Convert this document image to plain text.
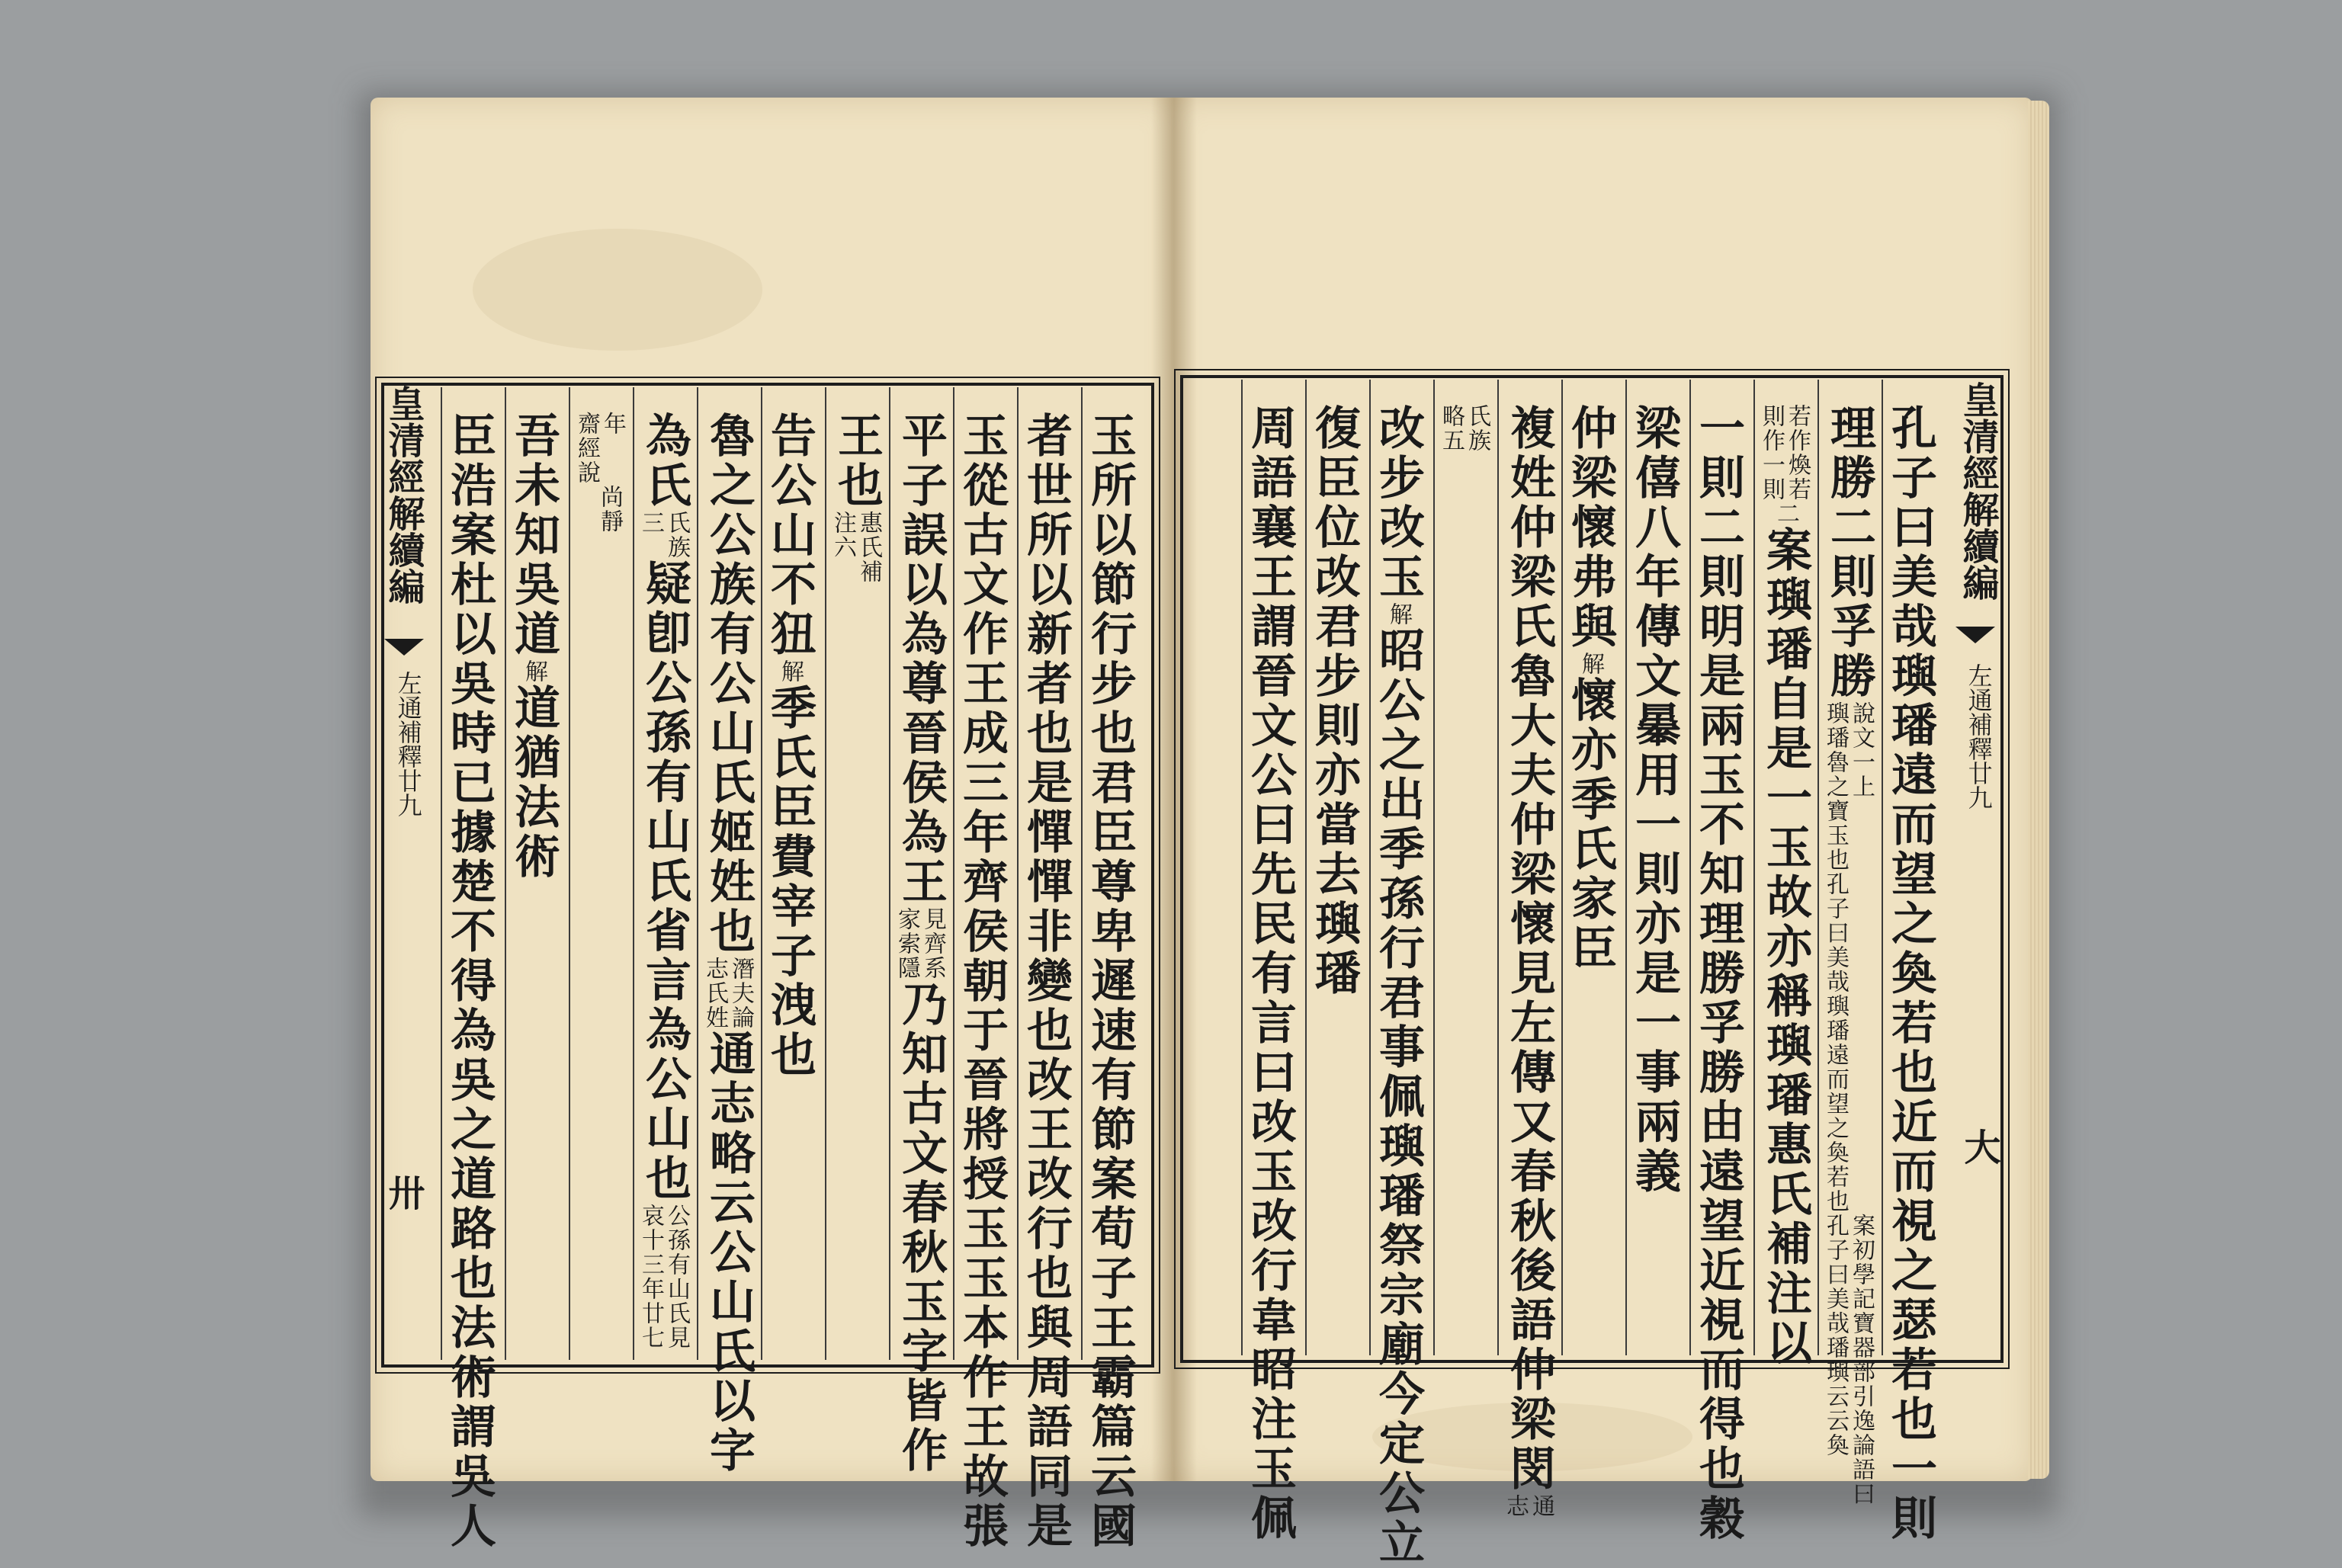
皇清經解續編
左通補釋廿九
卅
皇清經解續編
左通補釋廿九
大
玉所以節行步也君臣尊卑遲速有節案荀子王霸篇云國
者世所以新者也是憚憚非變也改王改行也與周語同是
玉從古文作王成三年齊侯朝于晉將授玉玉本作王故張
平子誤以為尊晉侯為王
見齊系
家索隱
乃知古文春秋玉字皆作
王也
惠氏補
注六
告公山不狃解季氏臣費宰子洩也
魯之公族有公山氏姬姓也
潛夫論
志氏姓
通志略云公山氏以字
為氏
氏族
三
疑卽公孫有山氏省言為公山也
公孫有山氏見
哀十三年廿七
年
齋經說
尚靜
吾未知吳道解道猶法術
臣浩案杜以吳時已據楚不得為吳之道路也法術謂吳人	孔子曰美哉璵璠遠而望之奐若也近而視之瑟若也一則
理勝二則孚勝
說文一上
璵璠魯之寶玉也孔子曰美哉璵璠遠而望之奐若也
案初學記寶器部引逸論語曰
孔子曰美哉璠璵云云奐
若作煥若
則作一則
二案璵璠自是一玉故亦稱璵璠惠氏補注以
一則二則明是兩玉不知理勝孚勝由遠望近視而得也穀
梁僖八年傳文曓用一則亦是一事兩義
仲梁懷弗與解懷亦季氏家臣
複姓仲梁氏魯大夫仲梁懷見左傳又春秋後語仲梁閔
通
志
氏族
略五
改步改玉解昭公之出季孫行君事佩璵璠祭宗廟今定公立
復臣位改君步則亦當去璵璠
周語襄王謂晉文公曰先民有言曰改玉改行韋昭注玉佩
